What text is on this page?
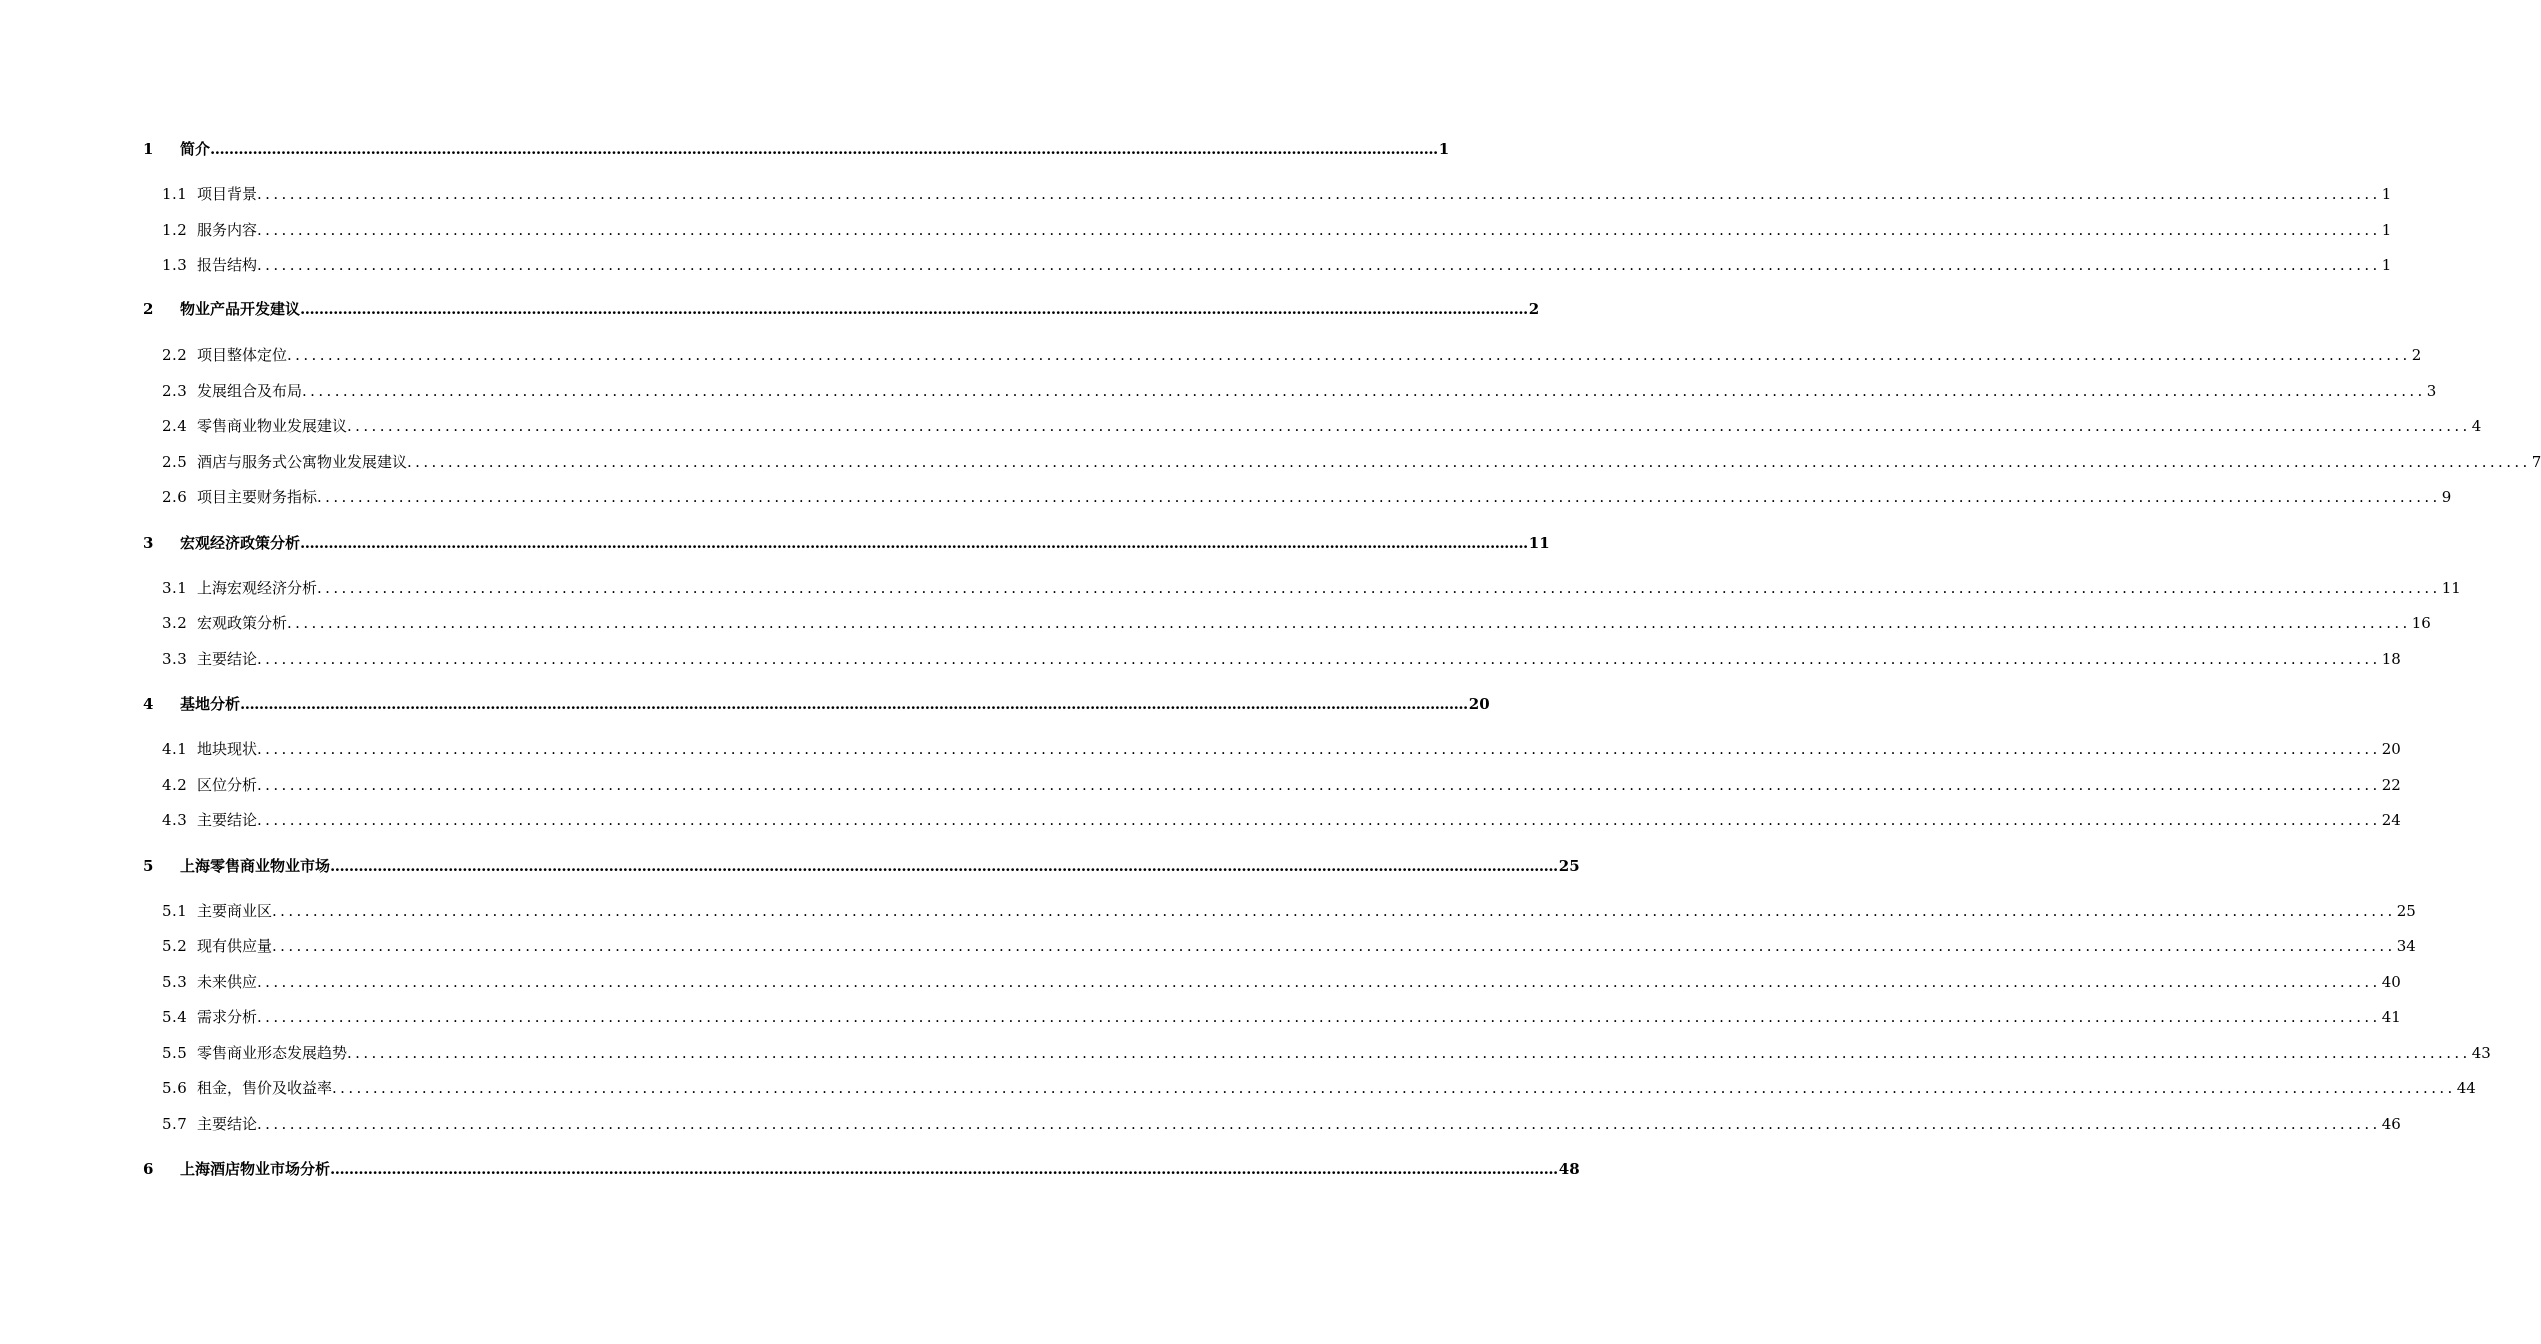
1	简介 .................................................................................................................................................................................................................................................................... 1
1.1 项目背景 .................................................................................................................................................................................................................................................................... 1
1.2 服务内容 .................................................................................................................................................................................................................................................................... 1
1.3 报告结构 .................................................................................................................................................................................................................................................................... 1
2	物业产品开发建议 .................................................................................................................................................................................................................................................................... 2
2.2 项目整体定位 .................................................................................................................................................................................................................................................................... 2
2.3 发展组合及布局 .................................................................................................................................................................................................................................................................... 3
2.4 零售商业物业发展建议 .................................................................................................................................................................................................................................................................... 4
2.5 酒店与服务式公寓物业发展建议 .................................................................................................................................................................................................................................................................... 7
2.6 项目主要财务指标 .................................................................................................................................................................................................................................................................... 9
3	宏观经济政策分析 .................................................................................................................................................................................................................................................................... 11
3.1 上海宏观经济分析 .................................................................................................................................................................................................................................................................... 11
3.2 宏观政策分析 .................................................................................................................................................................................................................................................................... 16
3.3 主要结论 .................................................................................................................................................................................................................................................................... 18
4	基地分析 .................................................................................................................................................................................................................................................................... 20
4.1 地块现状 .................................................................................................................................................................................................................................................................... 20
4.2 区位分析 .................................................................................................................................................................................................................................................................... 22
4.3 主要结论 .................................................................................................................................................................................................................................................................... 24
5	上海零售商业物业市场 .................................................................................................................................................................................................................................................................... 25
5.1 主要商业区 .................................................................................................................................................................................................................................................................... 25
5.2 现有供应量 .................................................................................................................................................................................................................................................................... 34
5.3 未来供应 .................................................................................................................................................................................................................................................................... 40
5.4 需求分析 .................................................................................................................................................................................................................................................................... 41
5.5 零售商业形态发展趋势 .................................................................................................................................................................................................................................................................... 43
5.6 租金，售价及收益率 .................................................................................................................................................................................................................................................................... 44
5.7 主要结论 .................................................................................................................................................................................................................................................................... 46
6	上海酒店物业市场分析 .................................................................................................................................................................................................................................................................... 48
